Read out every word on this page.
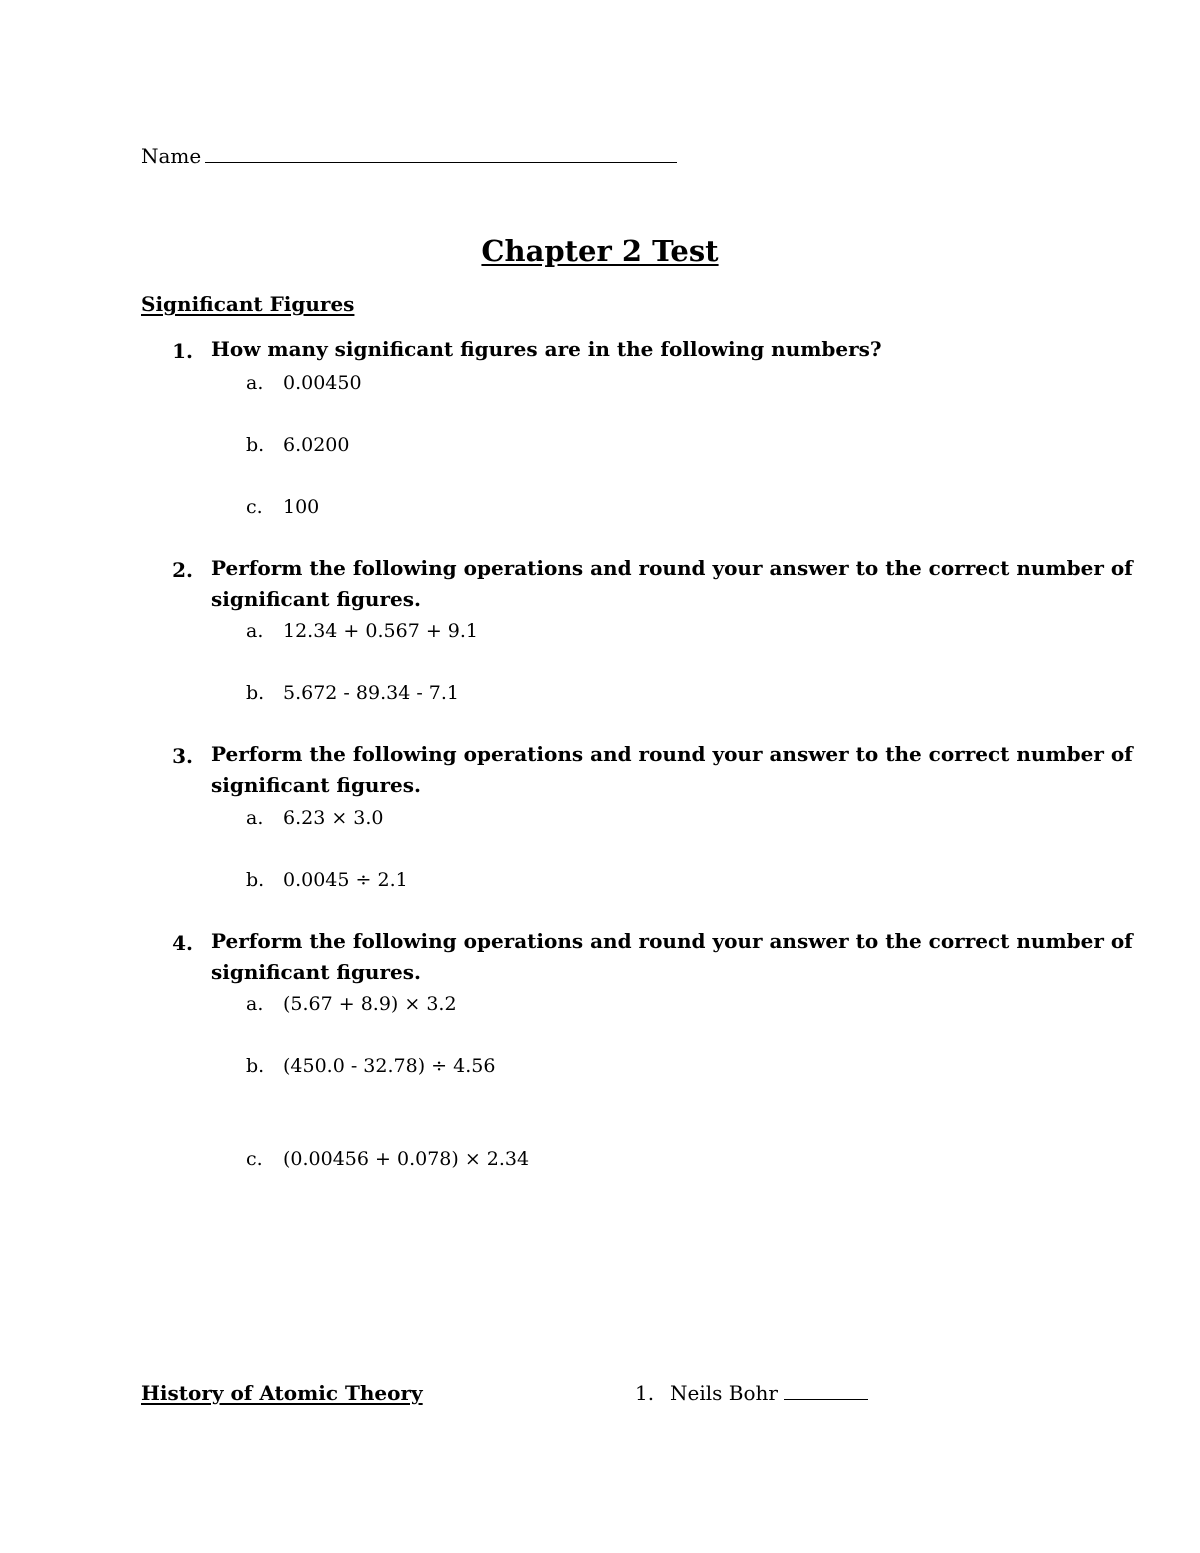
Name
Chapter 2 Test
Significant Figures
1. How many significant figures are in the following numbers?
a. 0.00450
b. 6.0200
c. 100
2. Perform the following operations and round your answer to the correct number of
significant figures.
a. 12.34 + 0.567 + 9.1
b. 5.672 - 89.34 - 7.1
3. Perform the following operations and round your answer to the correct number of
significant figures.
a. 6.23 × 3.0
b. 0.0045 ÷ 2.1
4. Perform the following operations and round your answer to the correct number of
significant figures.
a. (5.67 + 8.9) × 3.2
b. (450.0 - 32.78) ÷ 4.56
c. (0.00456 + 0.078) × 2.34
History of Atomic Theory	1. Neils Bohr
